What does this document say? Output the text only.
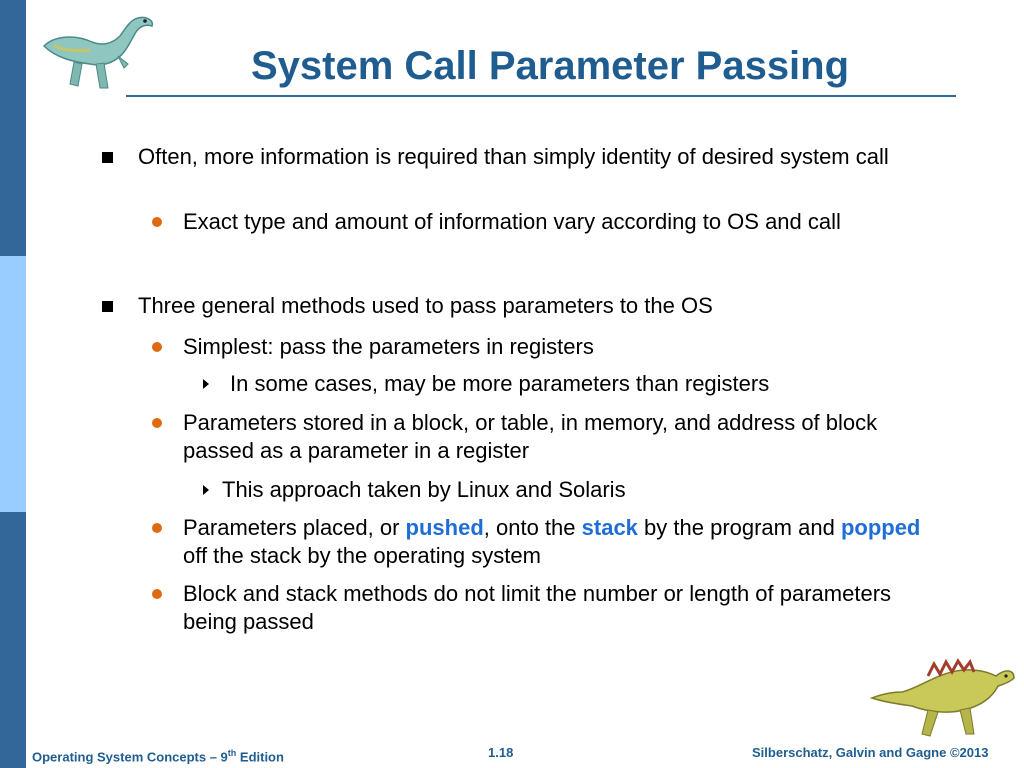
System Call Parameter Passing
Often, more information is required than simply identity of desired system call
Exact type and amount of information vary according to OS and call
Three general methods used to pass parameters to the OS
Simplest: pass the parameters in registers
In some cases, may be more parameters than registers
Parameters stored in a block, or table, in memory, and address of block passed as a parameter in a register
This approach taken by Linux and Solaris
Parameters placed, or pushed, onto the stack by the program and popped off the stack by the operating system
Block and stack methods do not limit the number or length of parameters being passed
Operating System Concepts – 9th Edition	1.18	Silberschatz, Galvin and Gagne ©2013
